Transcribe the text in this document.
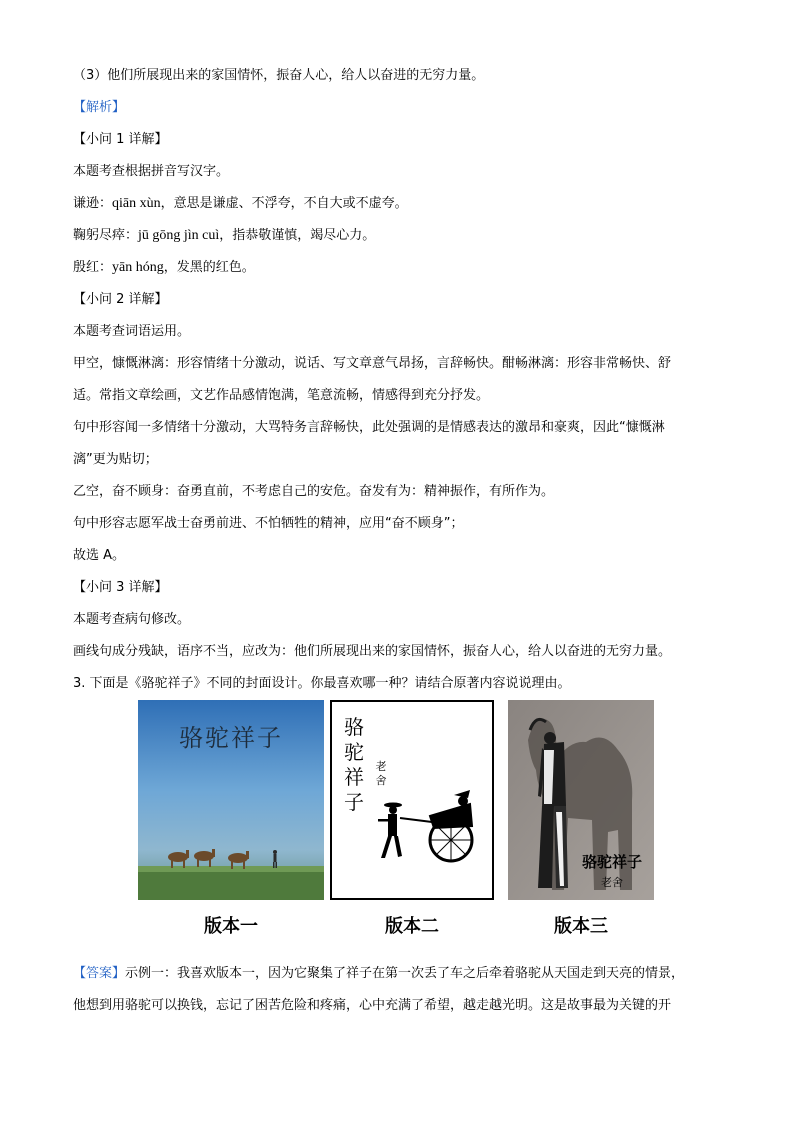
（3）他们所展现出来的家国情怀，振奋人心，给人以奋进的无穷力量。
【解析】
【小问 1 详解】
本题考查根据拼音写汉字。
谦逊：qiān xùn，意思是谦虚、不浮夸，不自大或不虚夸。
鞠躬尽瘁：jū gōng jìn cuì，指恭敬谨慎，竭尽心力。
殷红：yān hóng，发黑的红色。
【小问 2 详解】
本题考查词语运用。
甲空，慷慨淋漓：形容情绪十分激动，说话、写文章意气昂扬，言辞畅快。酣畅淋漓：形容非常畅快、舒
适。常指文章绘画，文艺作品感情饱满，笔意流畅，情感得到充分抒发。
句中形容闻一多情绪十分激动，大骂特务言辞畅快，此处强调的是情感表达的激昂和豪爽，因此“慷慨淋
漓”更为贴切；
乙空，奋不顾身：奋勇直前，不考虑自己的安危。奋发有为：精神振作，有所作为。
句中形容志愿军战士奋勇前进、不怕牺牲的精神，应用“奋不顾身”；
故选 A。
【小问 3 详解】
本题考查病句修改。
画线句成分残缺，语序不当，应改为：他们所展现出来的家国情怀，振奋人心，给人以奋进的无穷力量。
3. 下面是《骆驼祥子》不同的封面设计。你最喜欢哪一种？请结合原著内容说说理由。
骆驼祥子	骆
驼
祥
子
老
舍
骆驼祥子
老舍
版本一	版本二	版本三
【答案】示例一：我喜欢版本一，因为它聚集了祥子在第一次丢了车之后牵着骆驼从天国走到天亮的情景，
他想到用骆驼可以换钱，忘记了困苦危险和疼痛，心中充满了希望，越走越光明。这是故事最为关键的开
